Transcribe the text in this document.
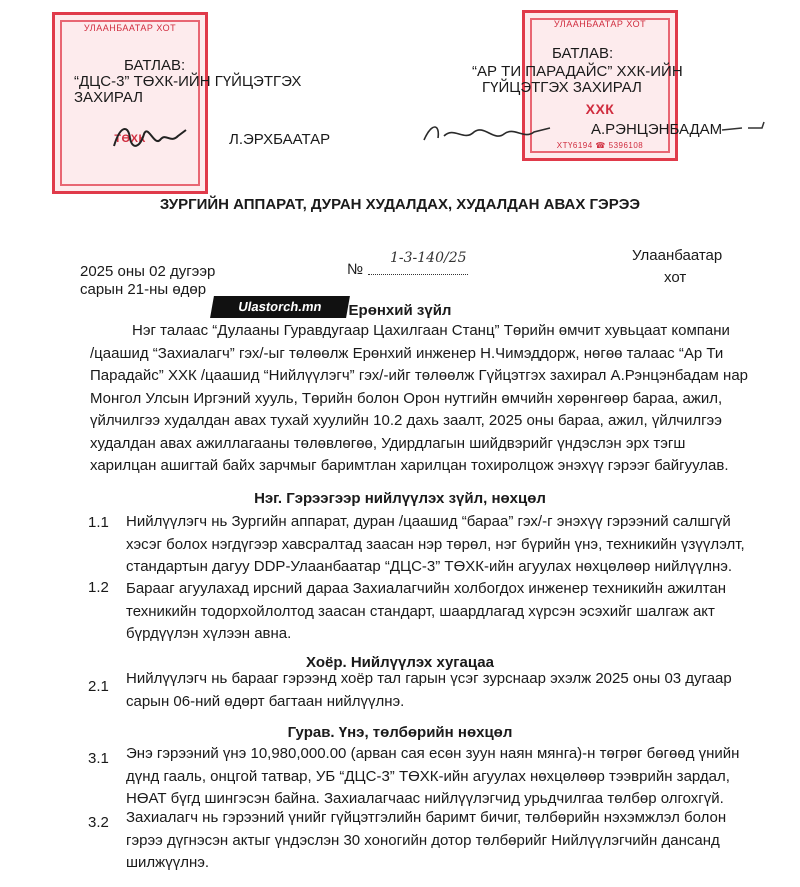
УЛААНБААТАР ХОТ
ТӨХК
УЛААНБААТАР ХОТ
ХХК
ХТҮ6194 ☎ 5396108
БАТЛАВ:
“ДЦС-3” ТӨХК-ИЙН ГҮЙЦЭТГЭХ
ЗАХИРАЛ
Л.ЭРХБААТАР
БАТЛАВ:
“АР ТИ ПАРАДАЙС” ХХК-ИЙН
ГҮЙЦЭТГЭХ ЗАХИРАЛ
А.РЭНЦЭНБАДАМ
ЗУРГИЙН АППАРАТ, ДУРАН ХУДАЛДАХ, ХУДАЛДАН АВАХ ГЭРЭЭ
2025 оны 02 дугээр
сарын 21-ны өдөр
№
1-3-140/25	Улаанбаатар
хот
Ulastorch.mn	Ерөнхий зүйл
Нэг талаас “Дулааны Гуравдугаар Цахилгаан Станц” Төрийн өмчит хувьцаат компани
/цаашид “Захиалагч” гэх/-ыг төлөөлж Ерөнхий инженер Н.Чимэддорж, нөгөө талаас “Ар Ти
Парадайс” ХХК /цаашид “Нийлүүлэгч” гэх/-ийг төлөөлж Гүйцэтгэх захирал А.Рэнцэнбадам нар
Монгол Улсын Иргэний хууль, Төрийн болон Орон нутгийн өмчийн хөрөнгөөр бараа, ажил,
үйлчилгээ худалдан авах тухай хуулийн 10.2 дахь заалт, 2025 оны бараа, ажил, үйлчилгээ
худалдан авах ажиллагааны төлөвлөгөө, Удирдлагын шийдвэрийг үндэслэн эрх тэгш
харилцан ашигтай байх зарчмыг баримтлан харилцан тохиролцож энэхүү гэрээг байгуулав.
Нэг. Гэрээгээр нийлүүлэх зүйл, нөхцөл
1.1 Нийлүүлэгч нь Зургийн аппарат, дуран /цаашид “бараа” гэх/-г энэхүү гэрээний салшгүй
хэсэг болох нэгдүгээр хавсралтад заасан нэр төрөл, нэг бүрийн үнэ, техникийн үзүүлэлт,
стандартын дагуу DDP-Улаанбаатар “ДЦС-3” ТӨХК-ийн агуулах нөхцөлөөр нийлүүлнэ.
1.2 Барааг агуулахад ирсний дараа Захиалагчийн холбогдох инженер техникийн ажилтан
техникийн тодорхойлолтод заасан стандарт, шаардлагад хүрсэн эсэхийг шалгаж акт
бүрдүүлэн хүлээн авна.
Хоёр. Нийлүүлэх хугацаа
2.1 Нийлүүлэгч нь барааг гэрээнд хоёр тал гарын үсэг зурснаар эхэлж 2025 оны 03 дугаар
сарын 06-ний өдөрт багтаан нийлүүлнэ.
Гурав. Үнэ, төлбөрийн нөхцөл
3.1 Энэ гэрээний үнэ 10,980,000.00 (арван сая есөн зуун наян мянга)-н төгрөг бөгөөд үнийн
дүнд гааль, онцгой татвар, УБ “ДЦС-3” ТӨХК-ийн агуулах нөхцөлөөр тээврийн зардал,
НӨАТ бүгд шингэсэн байна. Захиалагчаас нийлүүлэгчид урьдчилгаа төлбөр олгохгүй.
3.2 Захиалагч нь гэрээний үнийг гүйцэтгэлийн баримт бичиг, төлбөрийн нэхэмжлэл болон
гэрээ дүгнэсэн актыг үндэслэн 30 хоногийн дотор төлбөрийг Нийлүүлэгчийн дансанд
шилжүүлнэ.
